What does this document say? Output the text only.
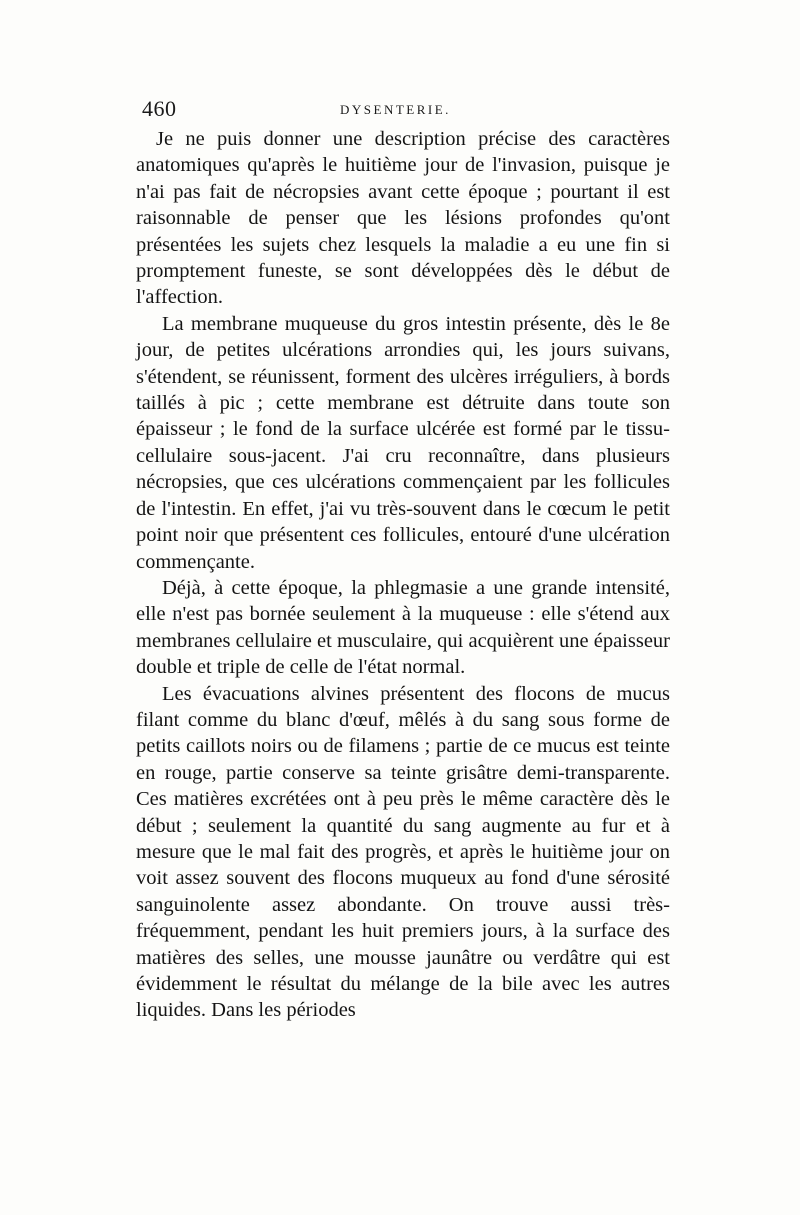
460	DYSENTERIE.

Je ne puis donner une description précise des caractères anatomiques qu'après le huitième jour de l'invasion, puisque je n'ai pas fait de nécropsies avant cette époque ; pourtant il est raisonnable de penser que les lésions profondes qu'ont présentées les sujets chez lesquels la maladie a eu une fin si promptement funeste, se sont développées dès le début de l'affection.

La membrane muqueuse du gros intestin présente, dès le 8e jour, de petites ulcérations arrondies qui, les jours suivans, s'étendent, se réunissent, forment des ulcères irréguliers, à bords taillés à pic ; cette membrane est détruite dans toute son épaisseur ; le fond de la surface ulcérée est formé par le tissu-cellulaire sous-jacent. J'ai cru reconnaître, dans plusieurs nécropsies, que ces ulcérations commençaient par les follicules de l'intestin. En effet, j'ai vu très-souvent dans le cœcum le petit point noir que présentent ces follicules, entouré d'une ulcération commençante.

Déjà, à cette époque, la phlegmasie a une grande intensité, elle n'est pas bornée seulement à la muqueuse : elle s'étend aux membranes cellulaire et musculaire, qui acquièrent une épaisseur double et triple de celle de l'état normal.

Les évacuations alvines présentent des flocons de mucus filant comme du blanc d'œuf, mêlés à du sang sous forme de petits caillots noirs ou de filamens ; partie de ce mucus est teinte en rouge, partie conserve sa teinte grisâtre demi-transparente. Ces matières excrétées ont à peu près le même caractère dès le début ; seulement la quantité du sang augmente au fur et à mesure que le mal fait des progrès, et après le huitième jour on voit assez souvent des flocons muqueux au fond d'une sérosité sanguinolente assez abondante. On trouve aussi très-fréquemment, pendant les huit premiers jours, à la surface des matières des selles, une mousse jaunâtre ou verdâtre qui est évidemment le résultat du mélange de la bile avec les autres liquides. Dans les périodes
